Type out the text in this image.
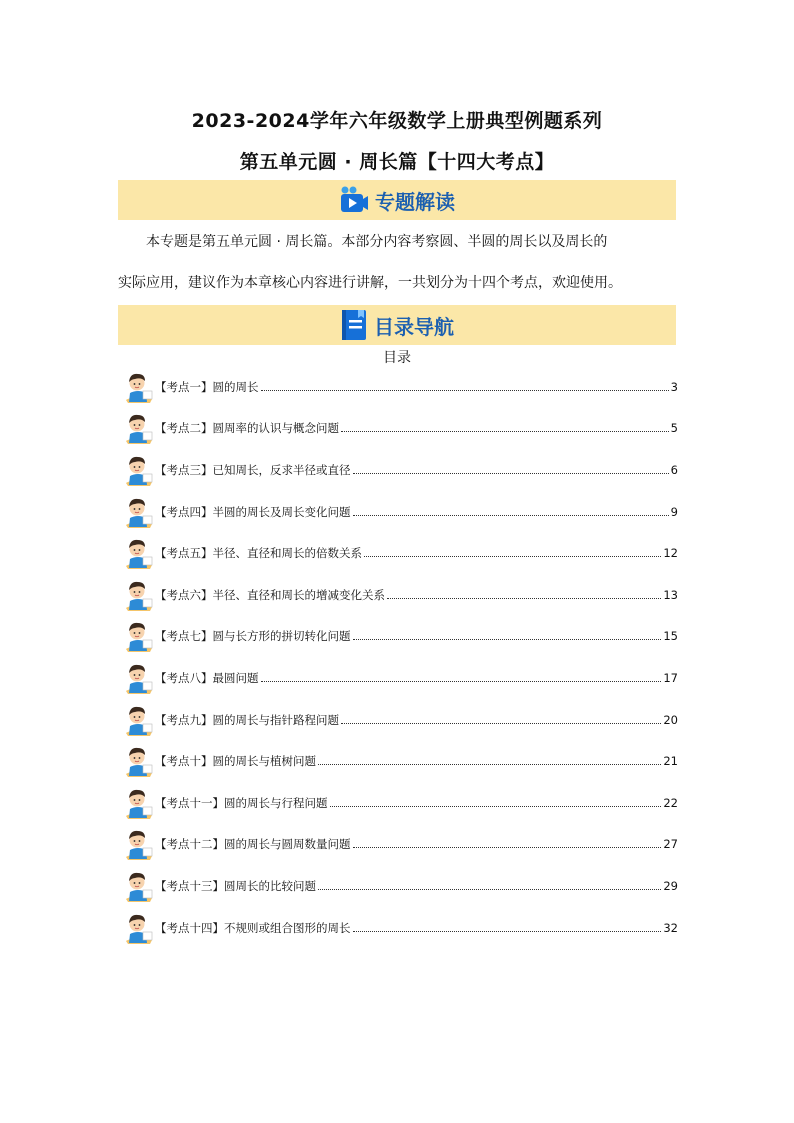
2023-2024学年六年级数学上册典型例题系列
第五单元圆 · 周长篇【十四大考点】
专题解读
本专题是第五单元圆 · 周长篇。本部分内容考察圆、半圆的周长以及周长的
实际应用，建议作为本章核心内容进行讲解，一共划分为十四个考点，欢迎使用。
目录导航
目录
【考点一】圆的周长	3
【考点二】圆周率的认识与概念问题	5
【考点三】已知周长，反求半径或直径	6
【考点四】半圆的周长及周长变化问题	9
【考点五】半径、直径和周长的倍数关系	12
【考点六】半径、直径和周长的增减变化关系	13
【考点七】圆与长方形的拼切转化问题	15
【考点八】最圆问题	17
【考点九】圆的周长与指针路程问题	20
【考点十】圆的周长与植树问题	21
【考点十一】圆的周长与行程问题	22
【考点十二】圆的周长与圆周数量问题	27
【考点十三】圆周长的比较问题	29
【考点十四】不规则或组合图形的周长	32
